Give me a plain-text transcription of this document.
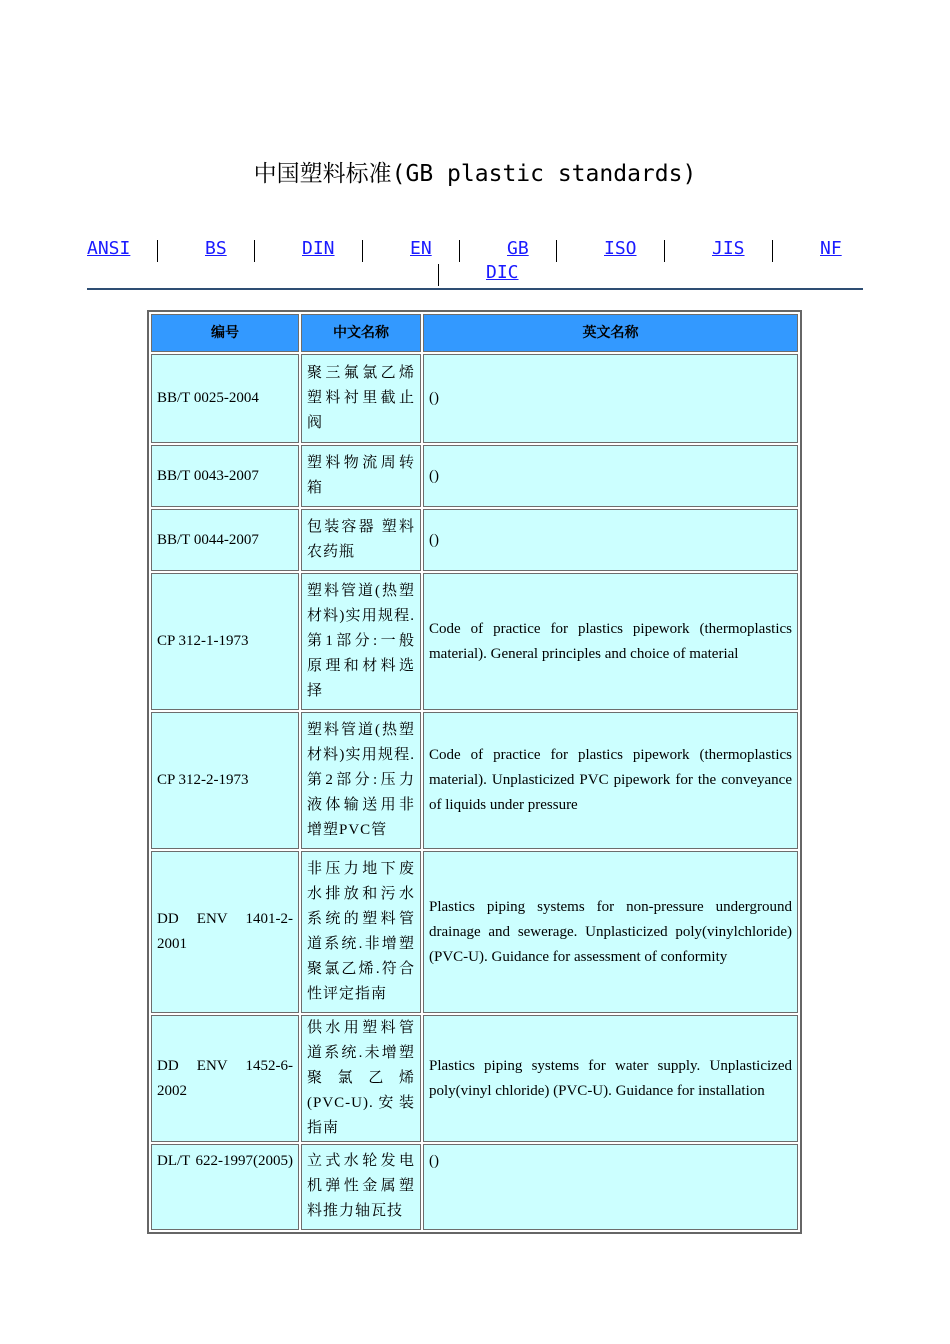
中国塑料标准(GB plastic standards)
ANSI	BS	DIN	EN	GB	ISO	JIS	NF
DIC
编号	中文名称	英文名称
BB/T 0025-2004	聚三氟氯乙烯塑料衬里截止阀	()
BB/T 0043-2007	塑料物流周转箱	()
BB/T 0044-2007	包装容器 塑料农药瓶	()
CP 312-1-1973	塑料管道(热塑材料)实用规程.第1部分:一般原理和材料选择	Code of practice for plastics pipework (thermoplastics material). General principles and choice of material
CP 312-2-1973	塑料管道(热塑材料)实用规程.第2部分:压力液体输送用非增塑PVC管	Code of practice for plastics pipework (thermoplastics material). Unplasticized PVC pipework for the conveyance of liquids under pressure
DD ENV 1401-2-2001	非压力地下废水排放和污水系统的塑料管道系统.非增塑聚氯乙烯.符合性评定指南	Plastics piping systems for non-pressure underground drainage and sewerage. Unplasticized poly(vinylchloride) (PVC-U). Guidance for assessment of conformity
DD ENV 1452-6-2002	供水用塑料管道系统.未增塑聚氯乙烯(PVC-U).安装指南	Plastics piping systems for water supply. Unplasticized poly(vinyl chloride) (PVC-U). Guidance for installation
DL/T 622-1997(2005)	立式水轮发电机弹性金属塑料推力轴瓦技	()
